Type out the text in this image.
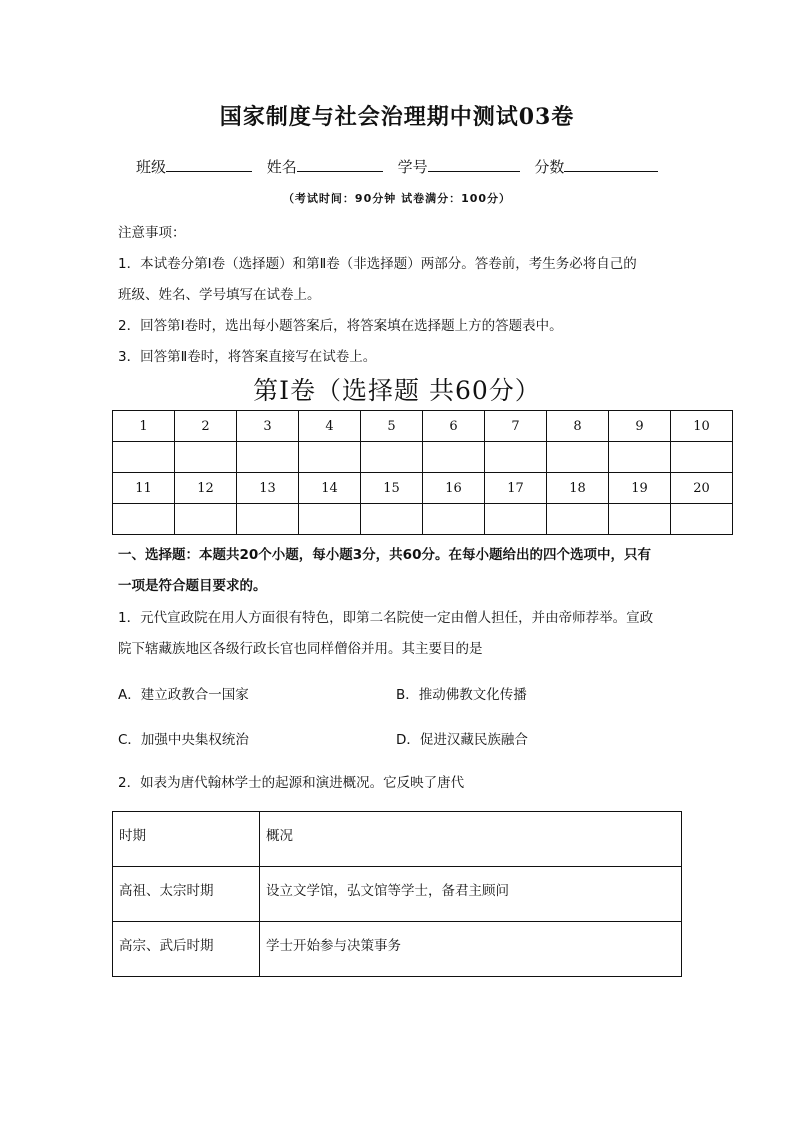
国家制度与社会治理期中测试03卷
班级	姓名	学号	分数
（考试时间：90分钟 试卷满分：100分）

注意事项：

1．本试卷分第Ⅰ卷（选择题）和第Ⅱ卷（非选择题）两部分。答卷前，考生务必将自己的

班级、姓名、学号填写在试卷上。

2．回答第Ⅰ卷时，选出每小题答案后，将答案填在选择题上方的答题表中。

3．回答第Ⅱ卷时，将答案直接写在试卷上。

第Ⅰ卷（选择题 共60分）
1	2	3	4	5	6	7	8	9	10

11	12	13	14	15	16	17	18	19	20

一、选择题：本题共20个小题，每小题3分，共60分。在每小题给出的四个选项中，只有

一项是符合题目要求的。

1．元代宣政院在用人方面很有特色，即第二名院使一定由僧人担任，并由帝师荐举。宣政

院下辖藏族地区各级行政长官也同样僧俗并用。其主要目的是

A．建立政教合一国家	B．推动佛教文化传播
C．加强中央集权统治	D．促进汉藏民族融合

2．如表为唐代翰林学士的起源和演进概况。它反映了唐代

时期	概况

高祖、太宗时期	设立文学馆，弘文馆等学士，备君主顾问

高宗、武后时期	学士开始参与决策事务
